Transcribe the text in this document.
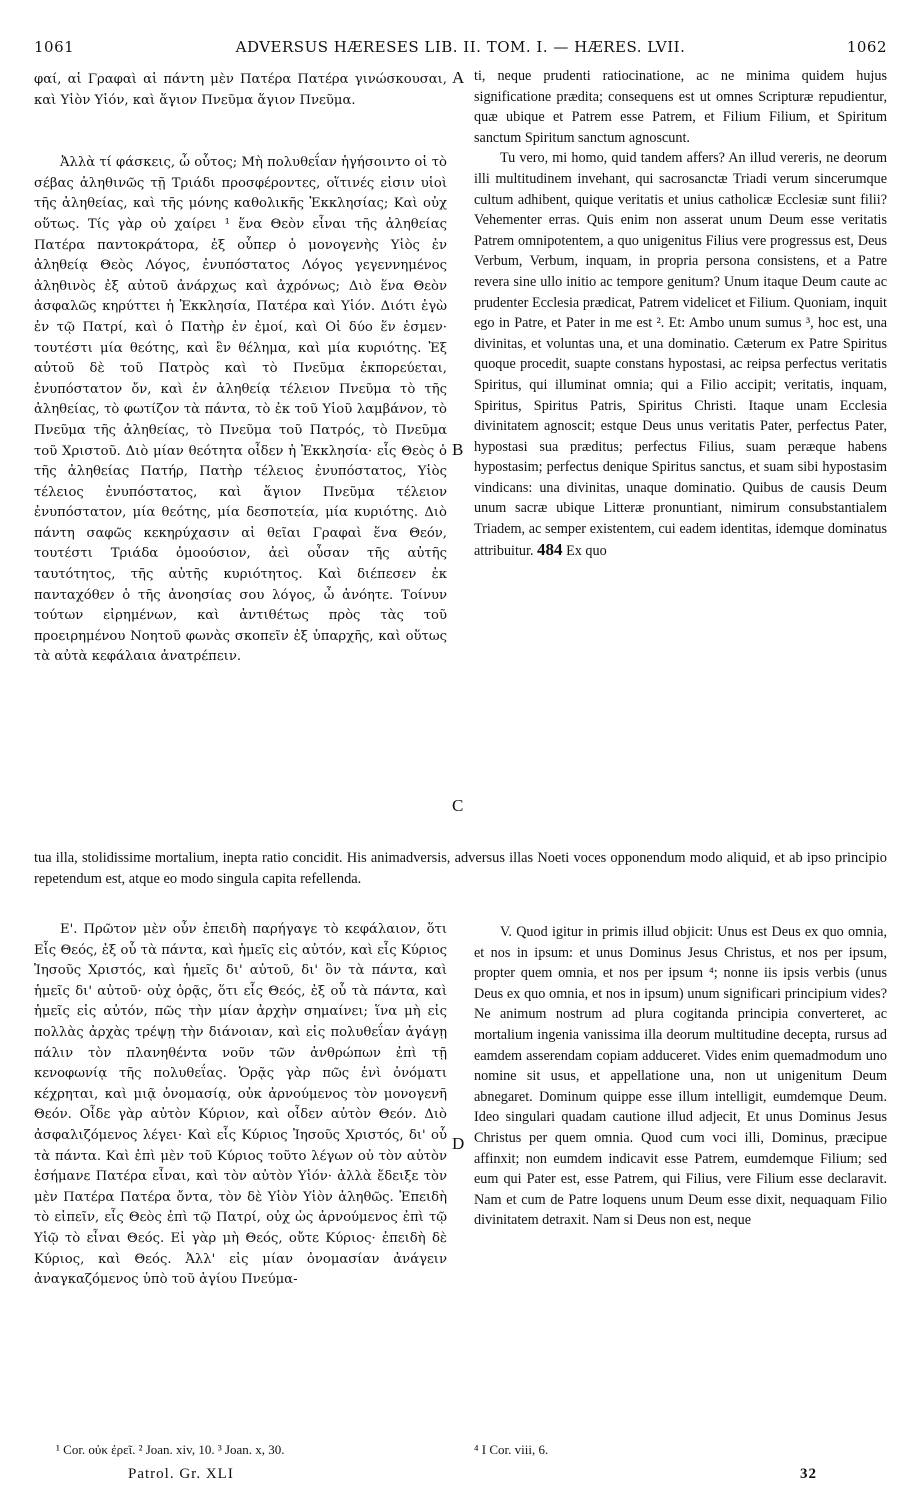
1061	ADVERSUS HÆRESES LIB. II. TOM. I. — HÆRES. LVII.	1062

φαί, αἱ Γραφαὶ αἱ πάντη μὲν Πατέρα Πατέρα γινώσκουσαι, καὶ Υἱὸν Υἱόν, καὶ ἅγιον Πνεῦμα ἅγιον Πνεῦμα.

Ἀλλὰ τί φάσκεις, ὦ οὗτος; Μὴ πολυθεΐαν ἡγήσοιντο οἱ τὸ σέβας ἀληθινῶς τῇ Τριάδι προσφέροντες, οἵτινές εἰσιν υἱοὶ τῆς ἀληθείας, καὶ τῆς μόνης καθολικῆς Ἐκκλησίας; Καὶ οὐχ οὕτως. Τίς γὰρ οὐ χαίρει ¹ ἕνα Θεὸν εἶναι τῆς ἀληθείας Πατέρα παντοκράτορα, ἐξ οὗπερ ὁ μονογενὴς Υἱὸς ἐν ἀληθείᾳ Θεὸς Λόγος, ἐνυπόστατος Λόγος γεγεννημένος ἀληθινὸς ἐξ αὐτοῦ ἀνάρχως καὶ ἀχρόνως; Διὸ ἕνα Θεὸν ἀσφαλῶς κηρύττει ἡ Ἐκκλησία, Πατέρα καὶ Υἱόν. Διότι ἐγὼ ἐν τῷ Πατρί, καὶ ὁ Πατὴρ ἐν ἐμοί, καὶ Οἱ δύο ἕν ἐσμεν· τουτέστι μία θεότης, καὶ ἓν θέλημα, καὶ μία κυριότης. Ἐξ αὐτοῦ δὲ τοῦ Πατρὸς καὶ τὸ Πνεῦμα ἐκπορεύεται, ἐνυπόστατον ὄν, καὶ ἐν ἀληθείᾳ τέλειον Πνεῦμα τὸ τῆς ἀληθείας, τὸ φωτίζον τὰ πάντα, τὸ ἐκ τοῦ Υἱοῦ λαμβάνον, τὸ Πνεῦμα τῆς ἀληθείας, τὸ Πνεῦμα τοῦ Πατρός, τὸ Πνεῦμα τοῦ Χριστοῦ. Διὸ μίαν θεότητα οἶδεν ἡ Ἐκκλησία· εἷς Θεὸς ὁ τῆς ἀληθείας Πατήρ, Πατὴρ τέλειος ἐνυπόστατος, Υἱὸς τέλειος ἐνυπόστατος, καὶ ἅγιον Πνεῦμα τέλειον ἐνυπόστατον, μία θεότης, μία δεσποτεία, μία κυριότης. Διὸ πάντη σαφῶς κεκηρύχασιν αἱ θεῖαι Γραφαὶ ἕνα Θεόν, τουτέστι Τριάδα ὁμοούσιον, ἀεὶ οὖσαν τῆς αὐτῆς ταυτότητος, τῆς αὐτῆς κυριότητος. Καὶ διέπεσεν ἐκ πανταχόθεν ὁ τῆς ἀνοησίας σου λόγος, ὦ ἀνόητε. Τοίνυν τούτων εἰρημένων, καὶ ἀντιθέτως πρὸς τὰς τοῦ προειρημένου Νοητοῦ φωνὰς σκοπεῖν ἐξ ὑπαρχῆς, καὶ οὕτως τὰ αὐτὰ κεφάλαια ἀνατρέπειν.

ti, neque prudenti ratiocinatione, ac ne minima quidem hujus significatione prædita; consequens est ut omnes Scripturæ repudientur, quæ ubique et Patrem esse Patrem, et Filium Filium, et Spiritum sanctum Spiritum sanctum agnoscunt.

Tu vero, mi homo, quid tandem affers? An illud vereris, ne deorum illi multitudinem invehant, qui sacrosanctæ Triadi verum sincerumque cultum adhibent, quique veritatis et unius catholicæ Ecclesiæ sunt filii? Vehementer erras. Quis enim non asserat unum Deum esse veritatis Patrem omnipotentem, a quo unigenitus Filius vere progressus est, Deus Verbum, Verbum, inquam, in propria persona consistens, et a Patre revera sine ullo initio ac tempore genitum? Unum itaque Deum caute ac prudenter Ecclesia prædicat, Patrem videlicet et Filium. Quoniam, inquit ego in Patre, et Pater in me est ². Et: Ambo unum sumus ³, hoc est, una divinitas, et voluntas una, et una dominatio. Cæterum ex Patre Spiritus quoque procedit, suapte constans hypostasi, ac reipsa perfectus veritatis Spiritus, qui illuminat omnia; qui a Filio accipit; veritatis, inquam, Spiritus, Spiritus Patris, Spiritus Christi. Itaque unam Ecclesia divinitatem agnoscit; estque Deus unus veritatis Pater, perfectus Pater, hypostasi sua præditus; perfectus Filius, suam peræque habens hypostasim; perfectus denique Spiritus sanctus, et suam sibi hypostasim vindicans: una divinitas, unaque dominatio. Quibus de causis Deum unum sacræ ubique Litteræ pronuntiant, nimirum consubstantialem Triadem, ac semper existentem, cui eadem identitas, idemque dominatus attribuitur. 484 Ex quo

A
B
C
D
tua illa, stolidissime mortalium, inepta ratio concidit. His animadversis, adversus illas Noeti voces opponendum modo aliquid, et ab ipso principio repetendum est, atque eo modo singula capita refellenda.

Ε'. Πρῶτον μὲν οὖν ἐπειδὴ παρήγαγε τὸ κεφάλαιον, ὅτι Εἷς Θεός, ἐξ οὗ τὰ πάντα, καὶ ἡμεῖς εἰς αὐτόν, καὶ εἷς Κύριος Ἰησοῦς Χριστός, καὶ ἡμεῖς δι' αὐτοῦ, δι' ὃν τὰ πάντα, καὶ ἡμεῖς δι' αὐτοῦ· οὐχ ὁρᾷς, ὅτι εἷς Θεός, ἐξ οὗ τὰ πάντα, καὶ ἡμεῖς εἰς αὐτόν, πῶς τὴν μίαν ἀρχὴν σημαίνει; ἵνα μὴ εἰς πολλὰς ἀρχὰς τρέψῃ τὴν διάνοιαν, καὶ εἰς πολυθεΐαν ἀγάγῃ πάλιν τὸν πλανηθέντα νοῦν τῶν ἀνθρώπων ἐπὶ τῇ κενοφωνίᾳ τῆς πολυθεΐας. Ὁρᾷς γὰρ πῶς ἑνὶ ὀνόματι κέχρηται, καὶ μιᾷ ὀνομασίᾳ, οὐκ ἀρνούμενος τὸν μονογενῆ Θεόν. Οἶδε γὰρ αὐτὸν Κύριον, καὶ οἶδεν αὐτὸν Θεόν. Διὸ ἀσφαλιζόμενος λέγει· Καὶ εἷς Κύριος Ἰησοῦς Χριστός, δι' οὗ τὰ πάντα. Καὶ ἐπὶ μὲν τοῦ Κύριος τοῦτο λέγων οὐ τὸν αὐτὸν ἐσήμανε Πατέρα εἶναι, καὶ τὸν αὐτὸν Υἱόν· ἀλλὰ ἔδειξε τὸν μὲν Πατέρα Πατέρα ὄντα, τὸν δὲ Υἱὸν Υἱὸν ἀληθῶς. Ἐπειδὴ τὸ εἰπεῖν, εἷς Θεὸς ἐπὶ τῷ Πατρί, οὐχ ὡς ἀρνούμενος ἐπὶ τῷ Υἱῷ τὸ εἶναι Θεός. Εἰ γὰρ μὴ Θεός, οὔτε Κύριος· ἐπειδὴ δὲ Κύριος, καὶ Θεός. Ἀλλ' εἰς μίαν ὀνομασίαν ἀνάγειν ἀναγκαζόμενος ὑπὸ τοῦ ἁγίου Πνεύμα-

V. Quod igitur in primis illud objicit: Unus est Deus ex quo omnia, et nos in ipsum: et unus Dominus Jesus Christus, et nos per ipsum, propter quem omnia, et nos per ipsum ⁴; nonne iis ipsis verbis (unus Deus ex quo omnia, et nos in ipsum) unum significari principium vides? Ne animum nostrum ad plura cogitanda principia converteret, ac mortalium ingenia vanissima illa deorum multitudine decepta, rursus ad eamdem asserendam copiam adduceret. Vides enim quemadmodum uno nomine sit usus, et appellatione una, non ut unigenitum Deum abnegaret. Dominum quippe esse illum intelligit, eumdemque Deum. Ideo singulari quadam cautione illud adjecit, Et unus Dominus Jesus Christus per quem omnia. Quod cum voci illi, Dominus, præcipue affinxit; non eumdem indicavit esse Patrem, eumdemque Filium; sed eum qui Pater est, esse Patrem, qui Filius, vere Filium esse declaravit. Nam et cum de Patre loquens unum Deum esse dixit, nequaquam Filio divinitatem detraxit. Nam si Deus non est, neque

¹ Cor. οὐκ ἐρεῖ. ² Joan. xiv, 10. ³ Joan. x, 30.	⁴ I Cor. viii, 6.
Patrol. Gr. XLI	32
